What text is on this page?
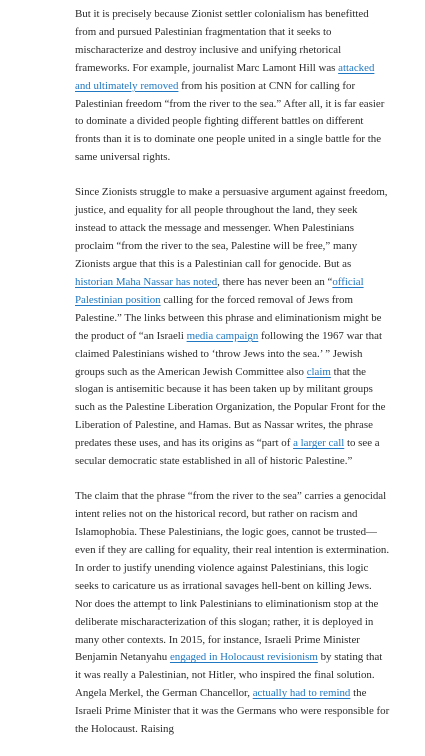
But it is precisely because Zionist settler colonialism has benefitted from and pursued Palestinian fragmentation that it seeks to mischaracterize and destroy inclusive and unifying rhetorical frameworks. For example, journalist Marc Lamont Hill was attacked and ultimately removed from his position at CNN for calling for Palestinian freedom “from the river to the sea.” After all, it is far easier to dominate a divided people fighting different battles on different fronts than it is to dominate one people united in a single battle for the same universal rights.

Since Zionists struggle to make a persuasive argument against freedom, justice, and equality for all people throughout the land, they seek instead to attack the message and messenger. When Palestinians proclaim “from the river to the sea, Palestine will be free,” many Zionists argue that this is a Palestinian call for genocide. But as historian Maha Nassar has noted, there has never been an “official Palestinian position calling for the forced removal of Jews from Palestine.” The links between this phrase and eliminationism might be the product of “an Israeli media campaign following the 1967 war that claimed Palestinians wished to ‘throw Jews into the sea.’ ” Jewish groups such as the American Jewish Committee also claim that the slogan is antisemitic because it has been taken up by militant groups such as the Palestine Liberation Organization, the Popular Front for the Liberation of Palestine, and Hamas. But as Nassar writes, the phrase predates these uses, and has its origins as “part of a larger call to see a secular democratic state established in all of historic Palestine.”

The claim that the phrase “from the river to the sea” carries a genocidal intent relies not on the historical record, but rather on racism and Islamophobia. These Palestinians, the logic goes, cannot be trusted—even if they are calling for equality, their real intention is extermination. In order to justify unending violence against Palestinians, this logic seeks to caricature us as irrational savages hell-bent on killing Jews. Nor does the attempt to link Palestinians to eliminationism stop at the deliberate mischaracterization of this slogan; rather, it is deployed in many other contexts. In 2015, for instance, Israeli Prime Minister Benjamin Netanyahu engaged in Holocaust revisionism by stating that it was really a Palestinian, not Hitler, who inspired the final solution. Angela Merkel, the German Chancellor, actually had to remind the Israeli Prime Minister that it was the Germans who were responsible for the Holocaust. Raising
